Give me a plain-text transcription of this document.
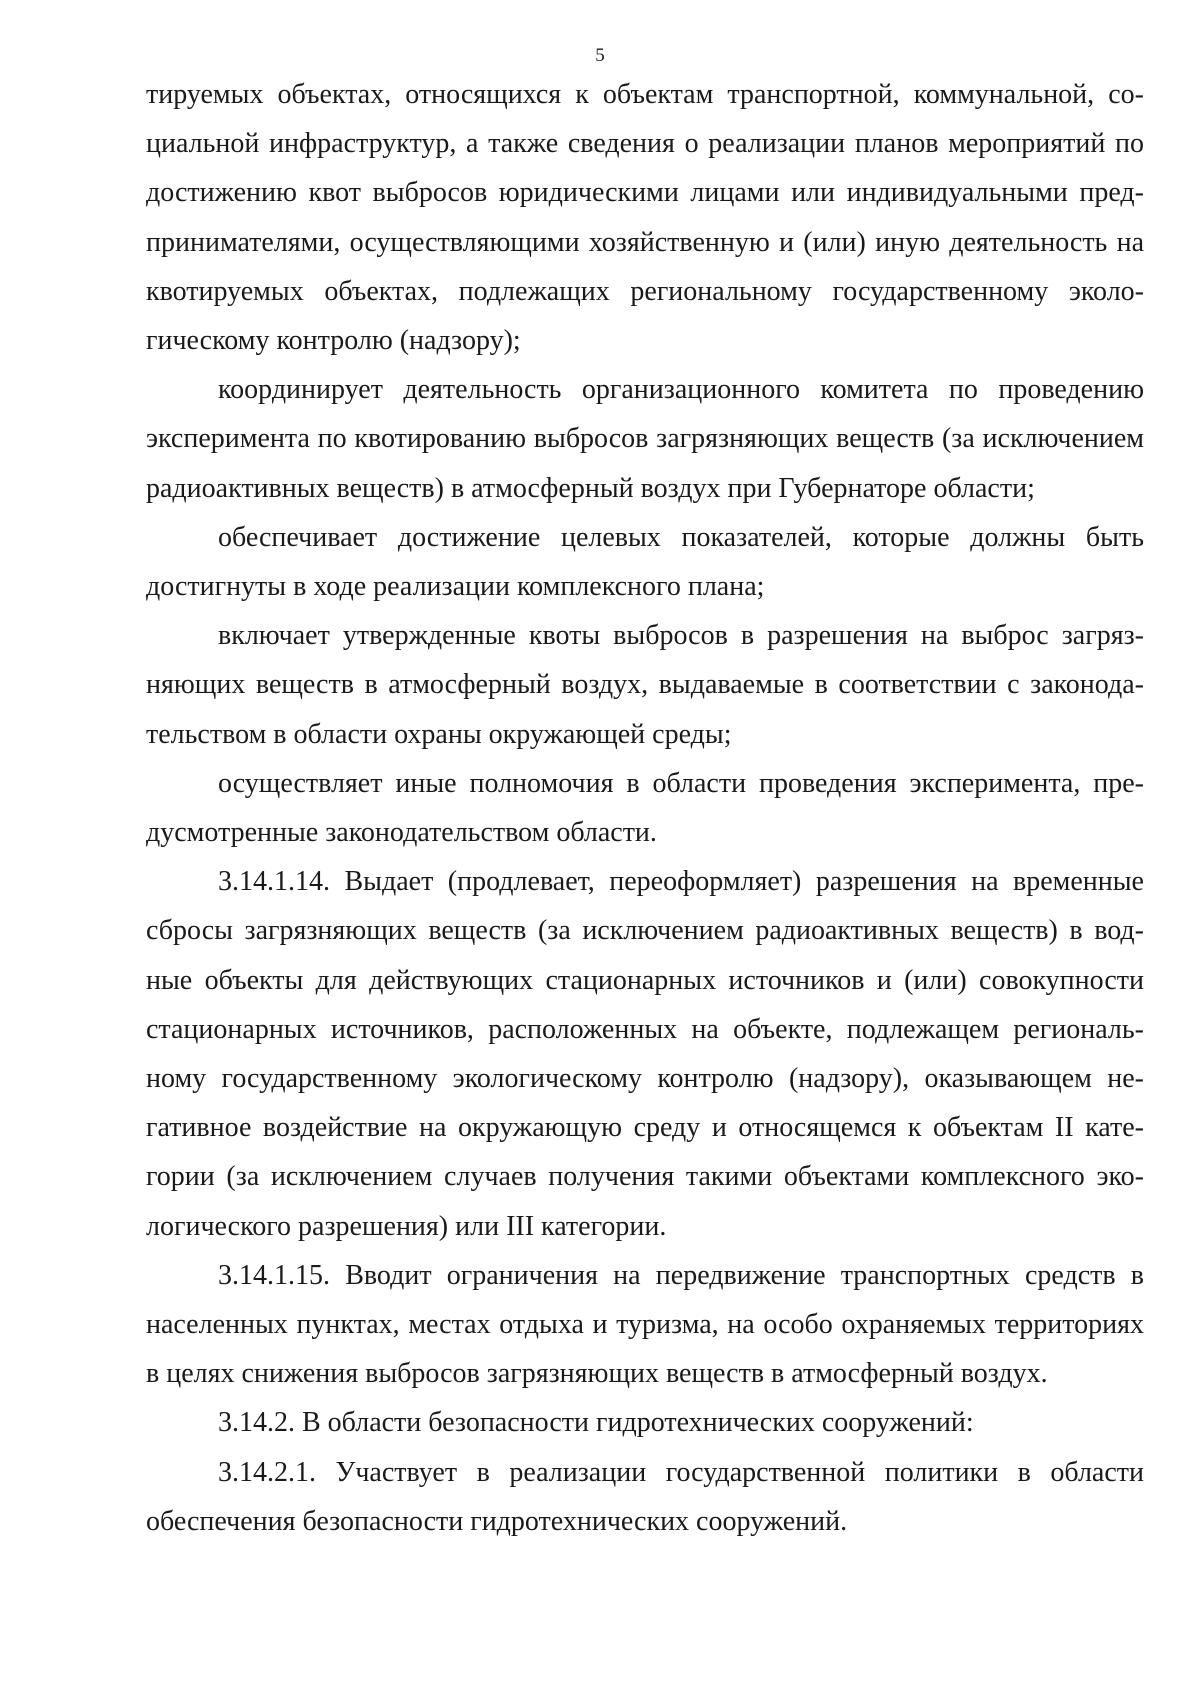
5

тируемых объектах, относящихся к объектам транспортной, коммунальной, социальной инфраструктур, а также сведения о реализации планов мероприятий по достижению квот выбросов юридическими лицами или индивидуальными предпринимателями, осуществляющими хозяйственную и (или) иную деятельность на квотируемых объектах, подлежащих региональному государственному экологическому контролю (надзору);

координирует деятельность организационного комитета по проведению эксперимента по квотированию выбросов загрязняющих веществ (за исключением радиоактивных веществ) в атмосферный воздух при Губернаторе области;

обеспечивает достижение целевых показателей, которые должны быть достигнуты в ходе реализации комплексного плана;

включает утвержденные квоты выбросов в разрешения на выброс загрязняющих веществ в атмосферный воздух, выдаваемые в соответствии с законодательством в области охраны окружающей среды;

осуществляет иные полномочия в области проведения эксперимента, предусмотренные законодательством области.

3.14.1.14. Выдает (продлевает, переоформляет) разрешения на временные сбросы загрязняющих веществ (за исключением радиоактивных веществ) в водные объекты для действующих стационарных источников и (или) совокупности стационарных источников, расположенных на объекте, подлежащем региональному государственному экологическому контролю (надзору), оказывающем негативное воздействие на окружающую среду и относящемся к объектам II категории (за исключением случаев получения такими объектами комплексного экологического разрешения) или III категории.

3.14.1.15. Вводит ограничения на передвижение транспортных средств в населенных пунктах, местах отдыха и туризма, на особо охраняемых территориях в целях снижения выбросов загрязняющих веществ в атмосферный воздух.

3.14.2. В области безопасности гидротехнических сооружений:

3.14.2.1. Участвует в реализации государственной политики в области обеспечения безопасности гидротехнических сооружений.
